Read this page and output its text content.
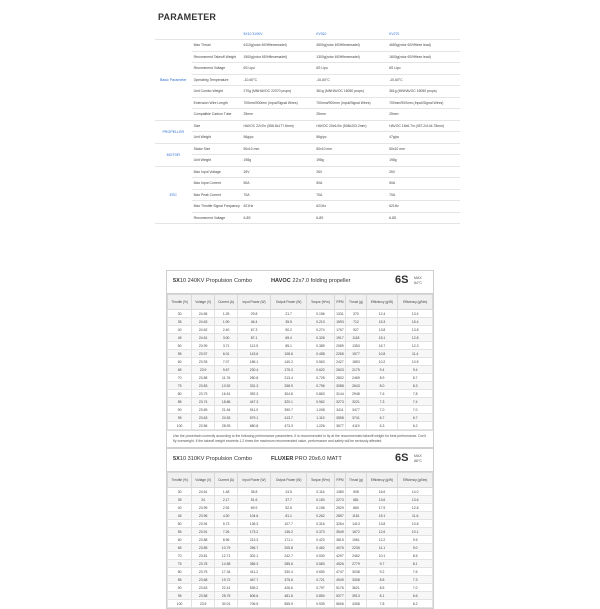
PARAMETER
		5X10 310KV	KV310	KV270
Basic Parameter	Max Thrust	6110g(rotor 6S/Hflexemadel)	4500g(rotor 6S/Hflexemadel)	4650g(rotor 6S/Hflexe lead)
	Recommend Takeoff Weight	1500g(rotor 6S/Hflexemadel)	1300g(rotor 6S/Hflexemadel)	1600g(rotor 6S/Hflexe lead)
	Recommend Voltage	6S Lipo	6S Lipo	6S Lipo
	Operating Temperature	-10-60°C	-10-60°C	-10-60°C
	Unit Combo Weight	270g (MNHAVOC 22070 props)	361g (MNHAVOC 18050 props)	361g (MNHAVOC 18050 props)
	Extension Wire Length	700mm/900mm (Input/Signal Wires)	700mm/900mm (Input/Signal Wires)	700mm/900mm (Input/Signal Wires)
	Compatible Carbon Tube	25mm	25mm	25mm
PROPELLER	Size	HAVOC 22x7in (558.8x177.8mm)	HAVOC 20x6.0in (508x203.2mm)	HAVOC 18x6.7in (457.2x144.78mm)
	Unit Weight	56g/pc	56g/pc	47g/pc
MOTOR	Stator Size	50x10 mm	50x10 mm	50x10 mm
	Unit Weight	198g	198g	198g
ESC	Max Input Voltage	26V	26V	26V
	Max Input Current	50A	50A	50A
	Max Peak Current	70A	70A	70A
	Max Throttle Signal Frequency	621Hz	621Hz	621Hz
	Recommend Voltage	6-8S	6-8S	6-8S
5X10 240KV Propulsion Combo	HAVOC 22x7.0 folding propeller	6S MAX
84°C
Throttle (%)	Voltage (V)	Current (A)	Input Power (W)	Output Power (W)	Torque (N*m)	RPM	Thrust (g)	Efficiency (g/W)	Efficiency (g/Nm)
30	24.65	1.25	29.8	21.7	0.156	1331	370	12.4	13.4
35	24.63	1.90	46.4	35.5	0.213	1593	712	15.3	15.4
40	24.62	2.40	67.3	50.2	0.274	1767	927	13.8	13.8
45	24.61	3.00	87.1	65.4	0.326	1917	1118	15.1	12.8
50	23.99	3.71	112.5	85.1	0.389	2089	1353	16.7	12.3
55	23.97	6.01	143.6	108.6	0.458	2265	1577	10.8	11.4
60	23.93	7.07	186.1	140.2	0.563	2427	1853	10.2	10.5
65	23.9	9.67	230.4	175.3	0.620	2603	2175	9.4	9.4
70	23.88	11.76	280.8	213.4	0.725	2802	2469	8.9	8.7
75	23.83	13.92	331.3	258.9	0.796	3088	2643	8.0	8.3
80	23.79	16.51	392.3	304.8	0.863	3144	2948	7.6	7.8
85	23.74	18.86	447.3	320.1	0.962	3273	3221	7.3	7.4
90	23.69	21.64	511.0	390.7	1.008	3411	3477	7.0	7.0
95	23.63	24.53	579.1	413.7	1.119	3558	3741	6.7	6.7
100	23.56	28.93	680.8	473.3	1.226	3677	4119	6.3	6.2
Use the powertrain correctly according to the following performance parameters. It is recommended to fly at the recommended takeoff weight for best performance. Don't fly overweight. If the takeoff weight exceeds 1.2 times the maximum recommended value, performance and safety will be seriously affected.
5X10 310KV Propulsion Combo	FLUXER PRO 20x6.0 MATT	6S MAX
86°C
Throttle (%)	Voltage (V)	Current (A)	Input Power (W)	Output Power (W)	Torque (N*m)	RPM	Thrust (g)	Efficiency (g/W)	Efficiency (g/Nm)
30	24.61	1.48	35.8	24.5	0.116	1380	508	16.6	14.0
35	24	2.17	51.6	37.7	0.150	2273	681	13.6	13.6
40	23.99	2.92	69.9	52.5	0.196	2529	860	17.9	12.8
45	23.96	4.30	104.6	81.1	0.262	2857	1161	15.1	11.6
50	23.94	5.73	136.3	107.7	0.316	3264	1413	13.8	10.8
55	23.91	7.26	173.2	136.2	0.373	3549	1672	12.6	10.1
60	23.88	8.96	213.3	171.1	0.423	3815	1961	12.2	9.5
65	23.85	10.79	256.7	205.8	0.462	4076	2235	11.1	9.0
70	23.81	12.71	302.1	242.7	0.530	4297	2462	10.1	8.5
75	23.78	14.58	356.3	285.6	0.583	4526	2779	9.7	8.1
80	23.75	17.34	411.2	330.4	0.650	4747	3038	9.2	7.6
85	23.68	19.72	467.7	375.6	0.721	4949	3308	8.8	7.3
90	23.63	22.41	535.2	426.6	0.797	5176	3621	8.5	7.0
95	23.58	25.75	606.6	481.6	0.850	5377	3913	8.1	6.6
100	23.5	30.01	706.5	555.9	0.939	5606	4308	7.8	6.2
